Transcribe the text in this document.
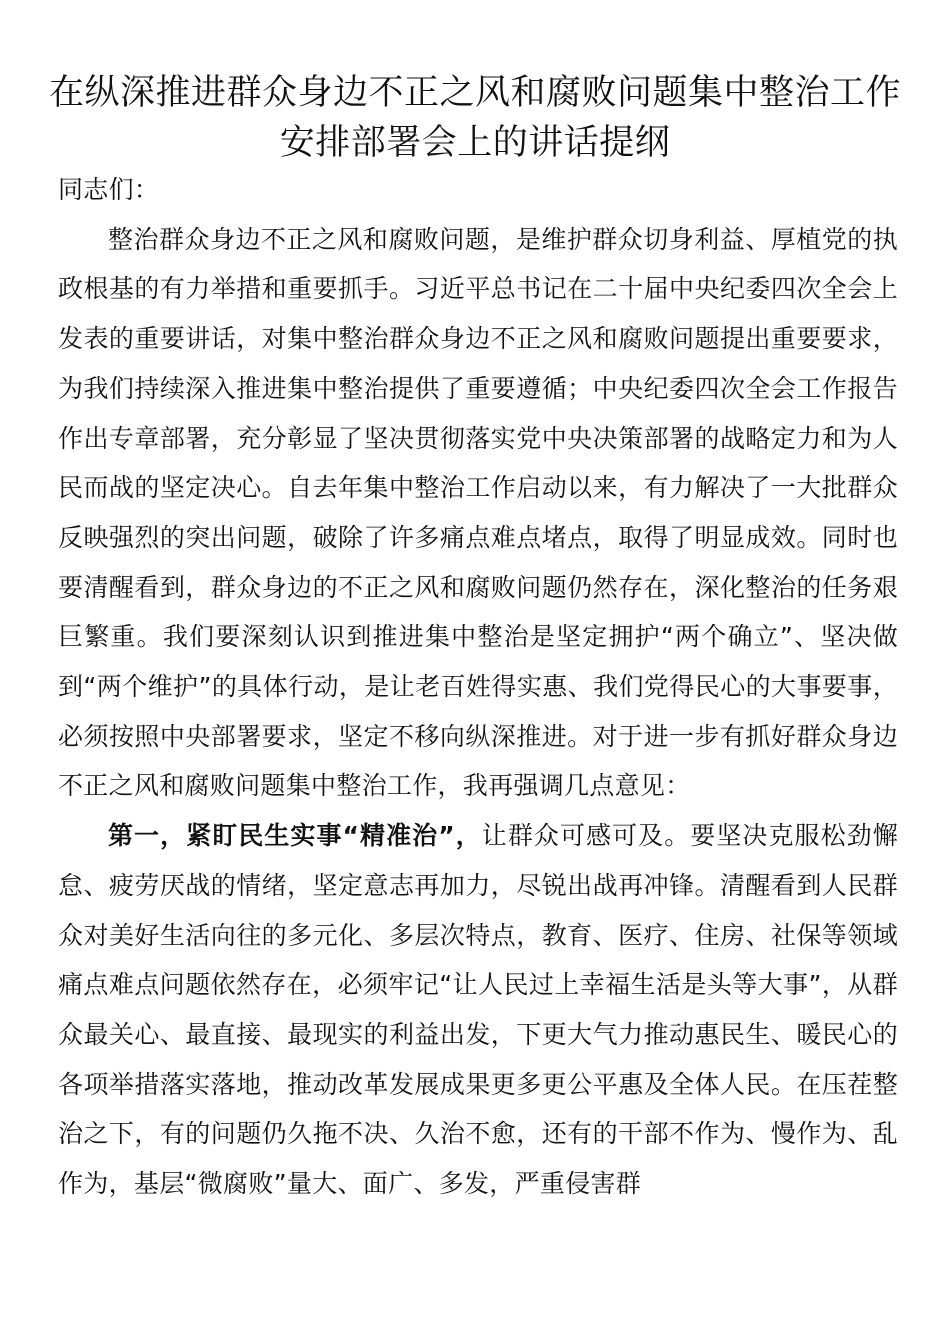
在纵深推进群众身边不正之风和腐败问题集中整治工作安排部署会上的讲话提纲

同志们：

整治群众身边不正之风和腐败问题，是维护群众切身利益、厚植党的执政根基的有力举措和重要抓手。习近平总书记在二十届中央纪委四次全会上发表的重要讲话，对集中整治群众身边不正之风和腐败问题提出重要要求，为我们持续深入推进集中整治提供了重要遵循；中央纪委四次全会工作报告作出专章部署，充分彰显了坚决贯彻落实党中央决策部署的战略定力和为人民而战的坚定决心。自去年集中整治工作启动以来，有力解决了一大批群众反映强烈的突出问题，破除了许多痛点难点堵点，取得了明显成效。同时也要清醒看到，群众身边的不正之风和腐败问题仍然存在，深化整治的任务艰巨繁重。我们要深刻认识到推进集中整治是坚定拥护“两个确立”、坚决做到“两个维护”的具体行动，是让老百姓得实惠、我们党得民心的大事要事，必须按照中央部署要求，坚定不移向纵深推进。对于进一步有抓好群众身边不正之风和腐败问题集中整治工作，我再强调几点意见：

第一，紧盯民生实事“精准治”，让群众可感可及。要坚决克服松劲懈怠、疲劳厌战的情绪，坚定意志再加力，尽锐出战再冲锋。清醒看到人民群众对美好生活向往的多元化、多层次特点，教育、医疗、住房、社保等领域痛点难点问题依然存在，必须牢记“让人民过上幸福生活是头等大事”，从群众最关心、最直接、最现实的利益出发，下更大气力推动惠民生、暖民心的各项举措落实落地，推动改革发展成果更多更公平惠及全体人民。在压茬整治之下，有的问题仍久拖不决、久治不愈，还有的干部不作为、慢作为、乱作为，基层“微腐败”量大、面广、多发，严重侵害群
